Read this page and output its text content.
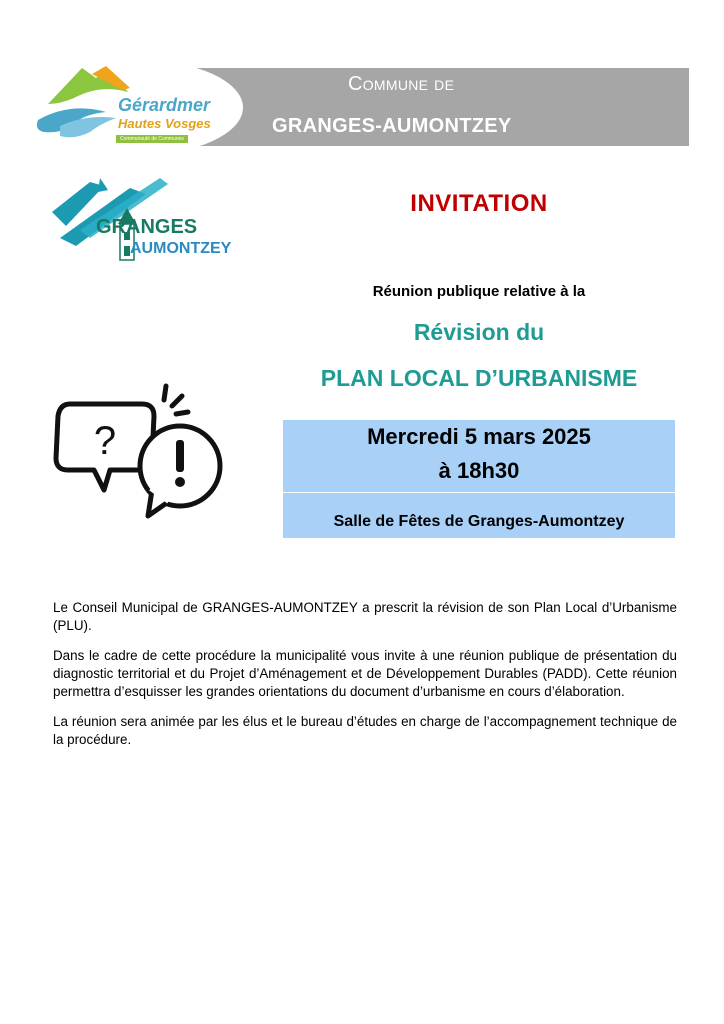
Commune de
GRANGES-AUMONTZEY
Gérardmer
Hautes Vosges
Communauté de Communes
GRANGES
AUMONTZEY
INVITATION
Réunion publique relative à la
Révision du
PLAN LOCAL D’URBANISME
?	Mercredi 5 mars 2025
à 18h30
Salle de Fêtes de Granges-Aumontzey

Le Conseil Municipal de GRANGES-AUMONTZEY a prescrit la révision de son Plan Local d’Urbanisme (PLU).

Dans le cadre de cette procédure la municipalité vous invite à une réunion publique de présentation du diagnostic territorial et du Projet d’Aménagement et de Développement Durables (PADD). Cette réunion permettra d’esquisser les grandes orientations du document d’urbanisme en cours d’élaboration.

La réunion sera animée par les élus et le bureau d’études en charge de l’accompagnement technique de la procédure.
